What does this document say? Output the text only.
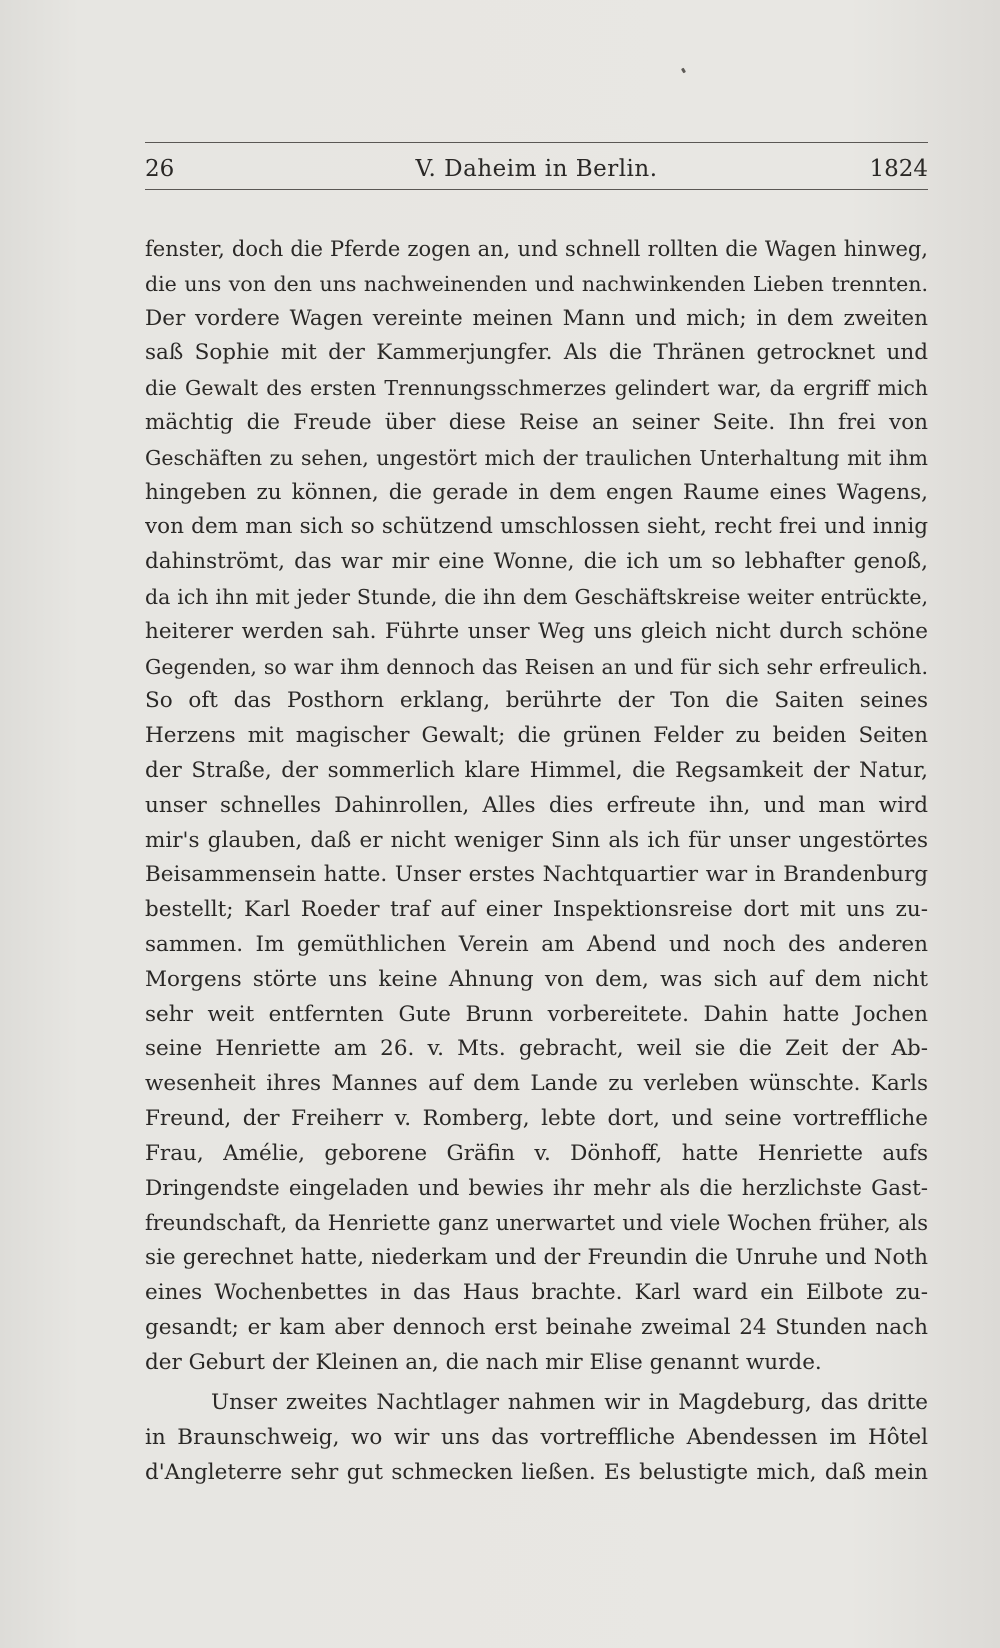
26	V. Daheim in Berlin.	1824
fenster, doch die Pferde zogen an, und schnell rollten die Wagen hinweg,
die uns von den uns nachweinenden und nachwinkenden Lieben trennten.
Der vordere Wagen vereinte meinen Mann und mich; in dem zweiten
saß Sophie mit der Kammerjungfer. Als die Thränen getrocknet und
die Gewalt des ersten Trennungsschmerzes gelindert war, da ergriff mich
mächtig die Freude über diese Reise an seiner Seite. Ihn frei von
Geschäften zu sehen, ungestört mich der traulichen Unterhaltung mit ihm
hingeben zu können, die gerade in dem engen Raume eines Wagens,
von dem man sich so schützend umschlossen sieht, recht frei und innig
dahinströmt, das war mir eine Wonne, die ich um so lebhafter genoß,
da ich ihn mit jeder Stunde, die ihn dem Geschäftskreise weiter entrückte,
heiterer werden sah. Führte unser Weg uns gleich nicht durch schöne
Gegenden, so war ihm dennoch das Reisen an und für sich sehr erfreulich.
So oft das Posthorn erklang, berührte der Ton die Saiten seines
Herzens mit magischer Gewalt; die grünen Felder zu beiden Seiten
der Straße, der sommerlich klare Himmel, die Regsamkeit der Natur,
unser schnelles Dahinrollen, Alles dies erfreute ihn, und man wird
mir's glauben, daß er nicht weniger Sinn als ich für unser ungestörtes
Beisammensein hatte. Unser erstes Nachtquartier war in Brandenburg
bestellt; Karl Roeder traf auf einer Inspektionsreise dort mit uns zu-
sammen. Im gemüthlichen Verein am Abend und noch des anderen
Morgens störte uns keine Ahnung von dem, was sich auf dem nicht
sehr weit entfernten Gute Brunn vorbereitete. Dahin hatte Jochen
seine Henriette am 26. v. Mts. gebracht, weil sie die Zeit der Ab-
wesenheit ihres Mannes auf dem Lande zu verleben wünschte. Karls
Freund, der Freiherr v. Romberg, lebte dort, und seine vortreffliche
Frau, Amélie, geborene Gräfin v. Dönhoff, hatte Henriette aufs
Dringendste eingeladen und bewies ihr mehr als die herzlichste Gast-
freundschaft, da Henriette ganz unerwartet und viele Wochen früher, als
sie gerechnet hatte, niederkam und der Freundin die Unruhe und Noth
eines Wochenbettes in das Haus brachte. Karl ward ein Eilbote zu-
gesandt; er kam aber dennoch erst beinahe zweimal 24 Stunden nach
der Geburt der Kleinen an, die nach mir Elise genannt wurde.
Unser zweites Nachtlager nahmen wir in Magdeburg, das dritte
in Braunschweig, wo wir uns das vortreffliche Abendessen im Hôtel
d'Angleterre sehr gut schmecken ließen. Es belustigte mich, daß mein
